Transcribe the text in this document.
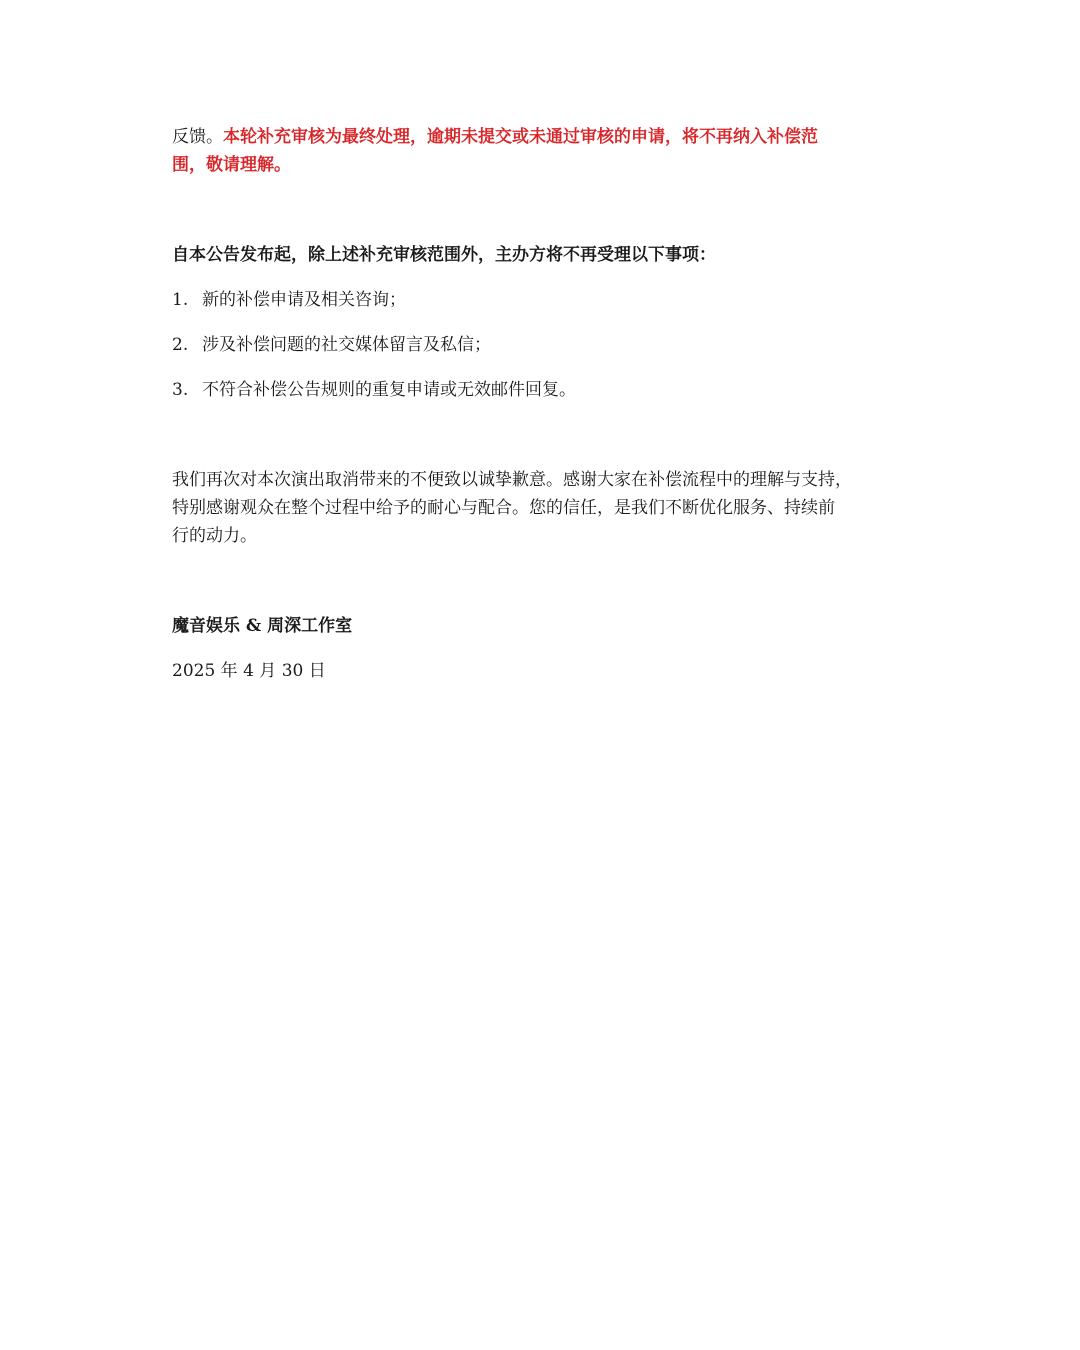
反馈。本轮补充审核为最终处理，逾期未提交或未通过审核的申请，将不再纳入补偿范
围，敬请理解。
自本公告发布起，除上述补充审核范围外，主办方将不再受理以下事项：
1. 新的补偿申请及相关咨询；
2. 涉及补偿问题的社交媒体留言及私信；
3. 不符合补偿公告规则的重复申请或无效邮件回复。
我们再次对本次演出取消带来的不便致以诚挚歉意。感谢大家在补偿流程中的理解与支持，
特别感谢观众在整个过程中给予的耐心与配合。您的信任，是我们不断优化服务、持续前
行的动力。
魔音娱乐 & 周深工作室
2025 年 4 月 30 日
